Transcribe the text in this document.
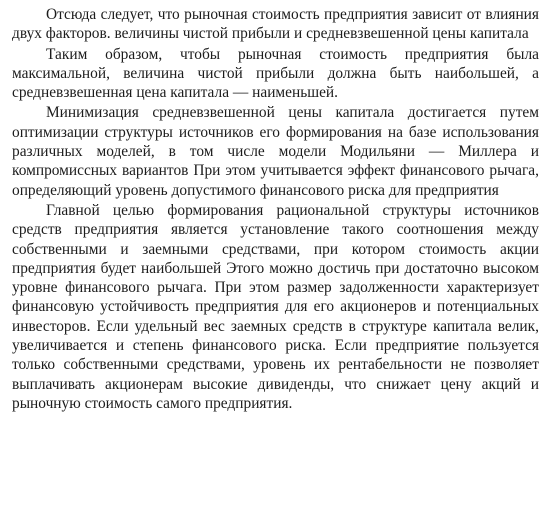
Отсюда следует, что рыночная стоимость предприятия зависит от влияния двух факторов. величины чистой прибыли и средневзвешенной цены капитала

Таким образом, чтобы рыночная стоимость предприятия была максимальной, величина чистой прибыли должна быть наибольшей, а средневзвешенная цена капитала — наименьшей.

Минимизация средневзвешенной цены капитала достигается путем оптимизации структуры источников его формирования на базе использования различных моделей, в том числе модели Модильяни — Миллера и компромиссных вариантов При этом учитывается эффект финансового рычага, определяющий уровень допустимого финансового риска для предприятия

Главной целью формирования рациональной структуры источников средств предприятия является установление такого соотношения между собственными и заемными средствами, при котором стоимость акции предприятия будет наибольшей Этого можно достичь при достаточно высоком уровне финансового рычага. При этом размер задолженности характеризует финансовую устойчивость предприятия для его акционеров и потенциальных инвесторов. Если удельный вес заемных средств в структуре капитала велик, увеличивается и степень финансового риска. Если предприятие пользуется только собственными средствами, уровень их рентабельности не позволяет выплачивать акционерам высокие дивиденды, что снижает цену акций и рыночную стоимость самого предприятия.
